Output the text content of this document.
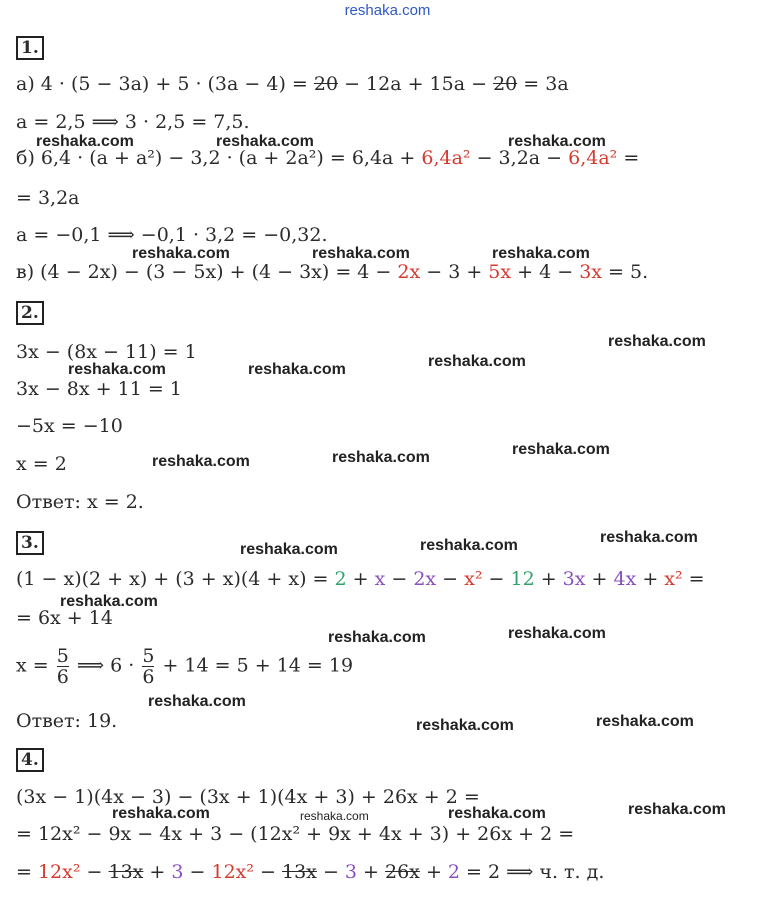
reshaka.com
1.
а) 4 · (5 − 3a) + 5 · (3a − 4) = 20 − 12a + 15a − 20 = 3a
a = 2,5 ⟹ 3 · 2,5 = 7,5.
б) 6,4 · (a + a²) − 3,2 · (a + 2a²) = 6,4a + 6,4a² − 3,2a − 6,4a² =
= 3,2a
a = −0,1 ⟹ −0,1 · 3,2 = −0,32.
в) (4 − 2x) − (3 − 5x) + (4 − 3x) = 4 − 2x − 3 + 5x + 4 − 3x = 5.
2.
3x − (8x − 11) = 1
3x − 8x + 11 = 1
−5x = −10
x = 2
Ответ: x = 2.
3.
(1 − x)(2 + x) + (3 + x)(4 + x) = 2 + x − 2x − x² − 12 + 3x + 4x + x² =
= 6x + 14
$x = \frac{5}{6}$ ⟹ $6 \cdot \frac{5}{6} + 14 = 5 + 14 = 19$
Ответ: 19.
4.
(3x − 1)(4x − 3) − (3x + 1)(4x + 3) + 26x + 2 =
= 12x² − 9x − 4x + 3 − (12x² + 9x + 4x + 3) + 26x + 2 =
= 12x² − 13x + 3 − 12x² − 13x − 3 + 26x + 2 = 2 ⟹ ч. т. д.
reshaka.com	reshaka.com	reshaka.com
reshaka.com	reshaka.com	reshaka.com
reshaka.com
reshaka.com
reshaka.com	reshaka.com
reshaka.com
reshaka.com
reshaka.com
reshaka.com
reshaka.com
reshaka.com
reshaka.com
reshaka.com
reshaka.com
reshaka.com
reshaka.com
reshaka.com
reshaka.com
reshaka.com
reshaka.com
reshaka.com
